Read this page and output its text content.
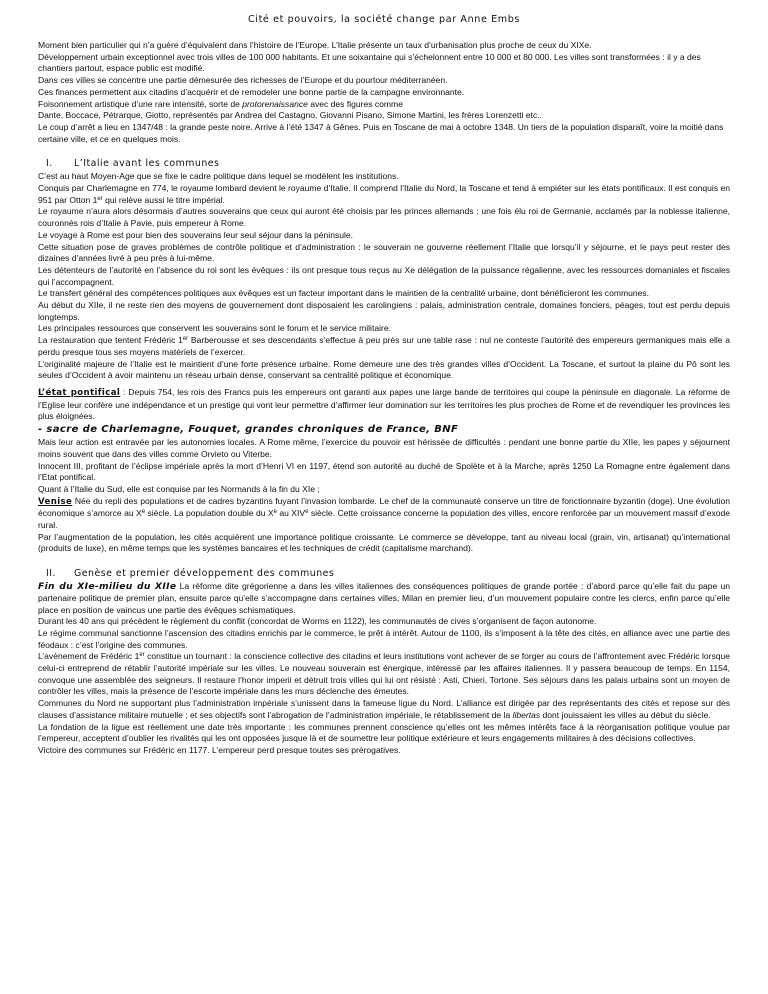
Cité et pouvoirs, la société change par Anne Embs

Moment bien particulier qui n’a guère d’équivalent dans l’histoire de l’Europe. L’Italie présente un taux d’urbanisation plus proche de ceux du XIXe.

Développement urbain exceptionnel avec trois villes de 100 000 habitants. Et une soixantaine qui s’échelonnent entre 10 000 et 80 000. Les villes sont transformées : il y a des chantiers partout, espace public est modifié.

Dans ces villes se concentre une partie démesurée des richesses de l’Europe et du pourtour méditerranéen.

Ces finances permettent aux citadins d’acquérir et de remodeler une bonne partie de la campagne environnante.

Foisonnement artistique d’une rare intensité, sorte de protorenaissance avec des figures comme

Dante, Boccace, Pétrarque, Giotto, représentés par Andrea del Castagno, Giovanni Pisano, Simone Martini, les frères Lorenzetti etc..

Le coup d’arrêt a lieu en 1347/48 : la grande peste noire. Arrive à l’été 1347 à Gênes. Puis en Toscane de mai à octobre 1348. Un tiers de la population disparaît, voire la moitié dans certaine ville, et ce en quelques mois.

I. L’Italie avant les communes

C’est au haut Moyen-Age que se fixe le cadre politique dans lequel se modèlent les institutions.

Conquis par Charlemagne en 774, le royaume lombard devient le royaume d’Italie. Il comprend l’Italie du Nord, la Toscane et tend à empiéter sur les états pontificaux. Il est conquis en 951 par Otton 1er qui relève aussi le titre impérial.

Le royaume n’aura alors désormais d’autres souverains que ceux qui auront été choisis par les princes allemands : une fois élu roi de Germanie, acclamés par la noblesse italienne, couronnés rois d’Italie à Pavie, puis empereur à Rome.

Le voyage à Rome est pour bien des souverains leur seul séjour dans la péninsule.

Cette situation pose de graves problèmes de contrôle politique et d’administration : le souverain ne gouverne réellement l’Italie que lorsqu’il y séjourne, et le pays peut rester des dizaines d’années livré à peu près à lui-même.

Les détenteurs de l’autorité en l’absence du roi sont les évêques : ils ont presque tous reçus au Xe délégation de la puissance régalienne, avec les ressources domaniales et fiscales qui l’accompagnent.

Le transfert général des compétences politiques aux évêques est un facteur important dans le maintien de la centralité urbaine, dont bénéficieront les communes.

Au début du XIIe, il ne reste rien des moyens de gouvernement dont disposaient les carolingiens : palais, administration centrale, domaines fonciers, péages, tout est perdu depuis longtemps.

Les principales ressources que conservent les souverains sont le forum et le service militaire.

La restauration que tentent Frédéric 1er Barberousse et ses descendants s’effectue à peu près sur une table rase : nul ne conteste l’autorité des empereurs germaniques mais elle a perdu presque tous ses moyens matériels de l’exercer.

L’originalité majeure de l’Italie est le maintient d’une forte présence urbaine. Rome demeure une des très grandes villes d’Occident. La Toscane, et surtout la plaine du Pô sont les seules d’Occident à avoir maintenu un réseau urbain dense, conservant sa centralité politique et économique.

L’état pontifical : Depuis 754, les rois des Francs puis les empereurs ont garanti aux papes une large bande de territoires qui coupe la péninsule en diagonale. La réforme de l’Eglise leur confère une indépendance et un prestige qui vont leur permettre d’affirmer leur domination sur les territoires les plus proches de Rome et de revendiquer les provinces les plus éloignées.

- sacre de Charlemagne, Fouquet, grandes chroniques de France, BNF

Mais leur action est entravée par les autonomies locales. A Rome même, l’exercice du pouvoir est hérissée de difficultés : pendant une bonne partie du XIIe, les papes y séjournent moins souvent que dans des villes comme Orvieto ou Viterbe.

Innocent III, profitant de l’éclipse impériale après la mort d’Henri VI en 1197, étend son autorité au duché de Spolète et à la Marche, après 1250 La Romagne entre également dans l’Etat pontifical.

Quant à l’Italie du Sud, elle est conquise par les Normands à la fin du XIe ;

Venise Née du repli des populations et de cadres byzantins fuyant l’invasion lombarde. Le chef de la communauté conserve un titre de fonctionnaire byzantin (doge). Une évolution économique s’amorce au Xe siècle. La population double du Xe au XIVe siècle. Cette croissance concerne la population des villes, encore renforcée par un mouvement massif d’exode rural.

Par l’augmentation de la population, les cités acquièrent une importance politique croissante. Le commerce se développe, tant au niveau local (grain, vin, artisanat) qu’international (produits de luxe), en même temps que les systèmes bancaires et les techniques de crédit (capitalisme marchand).

II. Genèse et premier développement des communes

Fin du XIe-milieu du XIIe La réforme dite grégorienne a dans les villes italiennes des conséquences politiques de grande portée : d’abord parce qu’elle fait du pape un partenaire politique de premier plan, ensuite parce qu’elle s’accompagne dans certaines villes, Milan en premier lieu, d’un mouvement populaire contre les clercs, enfin parce qu’elle place en position de vaincus une partie des évêques schismatiques.

Durant les 40 ans qui précèdent le règlement du conflit (concordat de Worms en 1122), les communautés de cives s’organisent de façon autonome.

Le régime communal sanctionne l’ascension des citadins enrichis par le commerce, le prêt à intérêt. Autour de 1100, ils s’imposent à la tête des cités, en alliance avec une partie des féodaux : c’est l’origine des communes.

L’avènement de Frédéric 1er constitue un tournant : la conscience collective des citadins et leurs institutions vont achever de se forger au cours de l’affrontement avec Frédéric lorsque celui-ci entreprend de rétablir l’autorité impériale sur les villes. Le nouveau souverain est énergique, intéressé par les affaires italiennes. Il y passera beaucoup de temps. En 1154, convoque une assemblée des seigneurs. Il restaure l’honor imperii et détruit trois villes qui lui ont résisté : Asti, Chieri, Tortone. Ses séjours dans les palais urbains sont un moyen de contrôler les villes, mais la présence de l’escorte impériale dans les murs déclenche des émeutes.

Communes du Nord ne supportant plus l’administration impériale s’unissent dans la fameuse ligue du Nord. L’alliance est dirigée par des représentants des cités et repose sur des clauses d’assistance militaire mutuelle ; et ses objectifs sont l’abrogation de l’administration impériale, le rétablissement de la libertas dont jouissaient les villes au début du siècle.

La fondation de la ligue est réellement une date très importante : les communes prennent conscience qu’elles ont les mêmes intérêts face à la réorganisation politique voulue par l’empereur, acceptent d’oublier les rivalités qui les ont opposées jusque là et de soumettre leur politique extérieure et leurs engagements militaires à des décisions collectives.

Victoire des communes sur Frédéric en 1177. L’empereur perd presque toutes ses prérogatives.
